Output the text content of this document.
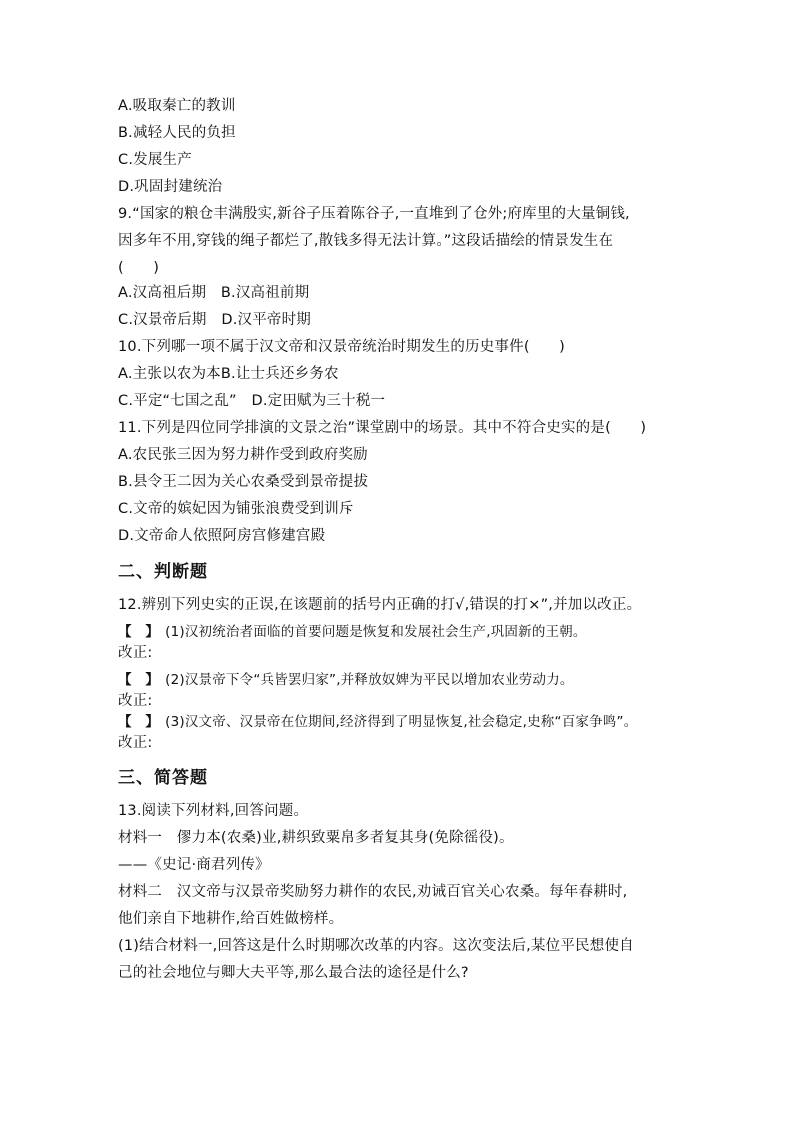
A.吸取秦亡的教训
B.减轻人民的负担
C.发展生产
D.巩固封建统治
9.“国家的粮仓丰满殷实,新谷子压着陈谷子,一直堆到了仓外;府库里的大量铜钱,
因多年不用,穿钱的绳子都烂了,散钱多得无法计算。”这段话描绘的情景发生在
(　　)
A.汉高祖后期　B.汉高祖前期
C.汉景帝后期　D.汉平帝时期
10.下列哪一项不属于汉文帝和汉景帝统治时期发生的历史事件(　　)
A.主张以农为本B.让士兵还乡务农
C.平定“七国之乱”　D.定田赋为三十税一
11.下列是四位同学排演的文景之治”课堂剧中的场景。其中不符合史实的是(　　)
A.农民张三因为努力耕作受到政府奖励
B.县令王二因为关心农桑受到景帝提拔
C.文帝的嫔妃因为铺张浪费受到训斥
D.文帝命人依照阿房宫修建宫殿
二、判断题
12.辨别下列史实的正误,在该题前的括号内正确的打√,错误的打×”,并加以改正。
【　】 (1)汉初统治者面临的首要问题是恢复和发展社会生产,巩固新的王朝。
改正:
【　】 (2)汉景帝下令“兵皆罢归家”,并释放奴婢为平民以增加农业劳动力。
改正:
【　】 (3)汉文帝、汉景帝在位期间,经济得到了明显恢复,社会稳定,史称“百家争鸣”。
改正:
三、简答题
13.阅读下列材料,回答问题。
材料一　僇力本(农桑)业,耕织致粟帛多者复其身(免除徭役)。
——《史记·商君列传》
材料二　汉文帝与汉景帝奖励努力耕作的农民,劝诫百官关心农桑。每年春耕时,
他们亲自下地耕作,给百姓做榜样。
(1)结合材料一,回答这是什么时期哪次改革的内容。这次变法后,某位平民想使自
己的社会地位与卿大夫平等,那么最合法的途径是什么?
